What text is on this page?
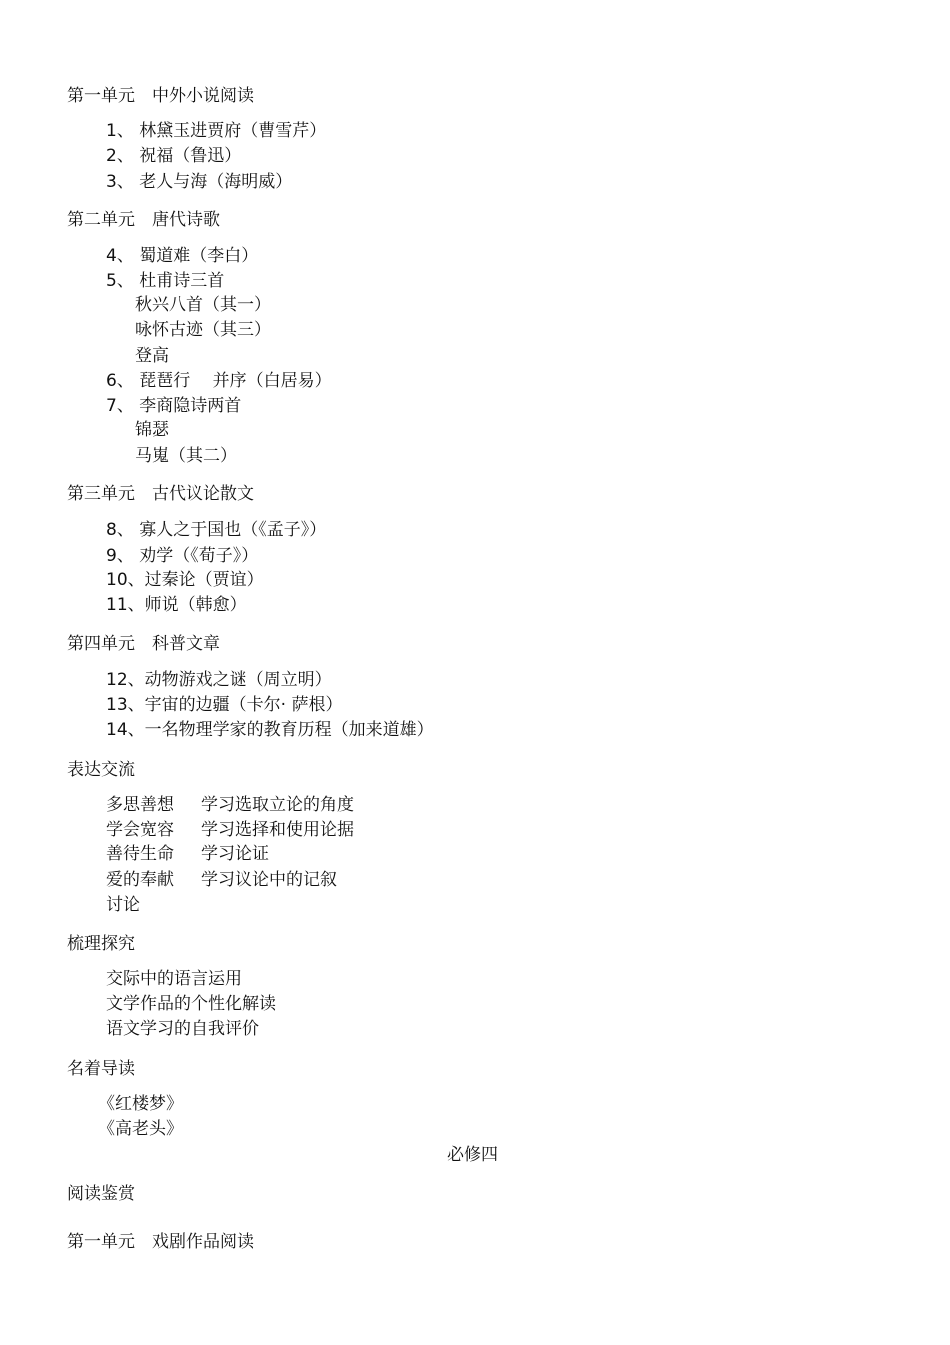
第一单元　中外小说阅读
1、 林黛玉进贾府（曹雪芹）
2、 祝福（鲁迅）
3、 老人与海（海明威）
第二单元　唐代诗歌
4、 蜀道难（李白）
5、 杜甫诗三首
秋兴八首（其一）
咏怀古迹（其三）
登高
6、 琵琶行　 并序（白居易）
7、 李商隐诗两首
锦瑟
马嵬（其二）
第三单元　古代议论散文
8、 寡人之于国也（《孟子》）
9、 劝学（《荀子》）
10、过秦论（贾谊）
11、师说（韩愈）
第四单元　科普文章
12、动物游戏之谜（周立明）
13、宇宙的边疆（卡尔· 萨根）
14、一名物理学家的教育历程（加来道雄）
表达交流
多思善想 学习选取立论的角度
学会宽容 学习选择和使用论据
善待生命 学习论证
爱的奉献 学习议论中的记叙
讨论
梳理探究
交际中的语言运用
文学作品的个性化解读
语文学习的自我评价
名着导读
《红楼梦》
《高老头》
必修四
阅读鉴赏
第一单元　戏剧作品阅读
